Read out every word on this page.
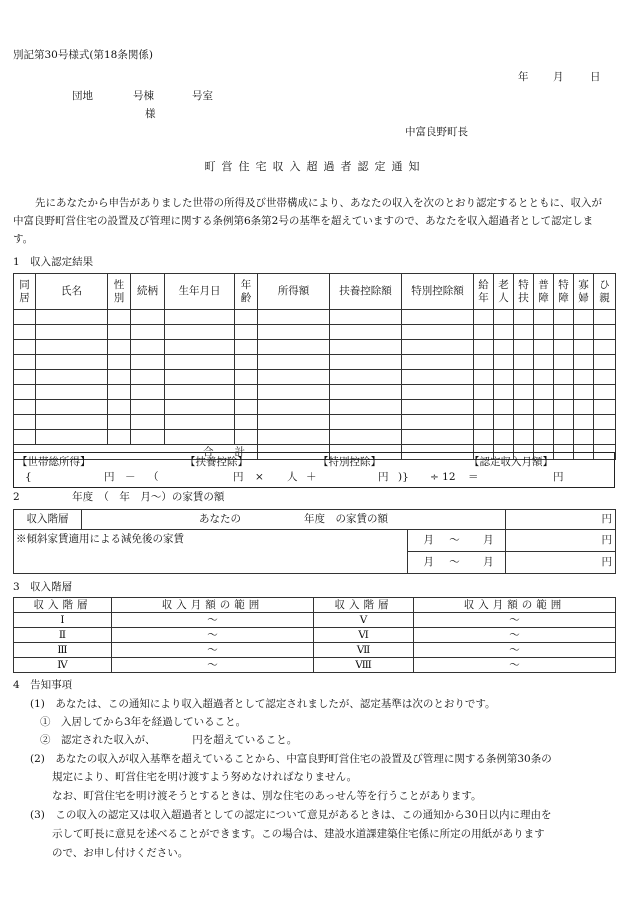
別記第30号様式(第18条関係)
年 月	日
団地	号棟	号室
様
中富良野町長
町営住宅収入超過者認定通知

先にあなたから申告がありました世帯の所得及び世帯構成により、あなたの収入を次のとおり認定するとともに、収入が中富良野町営住宅の設置及び管理に関する条例第6条第2号の基準を超えていますので、あなたを収入超過者として認定します。

1　収入認定結果
同居	氏名	性別	続柄	生年月日	年齢	所得額	扶養控除額	特別控除額	給年	老人	特扶	普障	特障	寡婦	ひ親

合　　計															
【世帯総所得】	【扶養控除】	【特別控除】	【認定収入月額】
{	円 － （	円 × 人 ＋	円 )} ÷ 12 ＝	円
2　　　　　年度　（　年　月～）の家賃の額
収入階層	あなたの　　　　　　年度　の家賃の額		円
※傾斜家賃適用による減免後の家賃		月 ～ 月	円
		月 ～ 月	円
3　収入階層
収入階層	収入月額の範囲	収入階層	収入月額の範囲
Ⅰ	～	Ⅴ	～
Ⅱ	～	Ⅵ	～
Ⅲ	～	Ⅶ	～
Ⅳ	～	Ⅷ	～
4　告知事項
(1)　あなたは、この通知により収入超過者として認定されましたが、認定基準は次のとおりです。
①　入居してから3年を経過していること。
②　認定された収入が、　　　　円を超えていること。
(2)　あなたの収入が収入基準を超えていることから、中富良野町営住宅の設置及び管理に関する条例第30条の
規定により、町営住宅を明け渡すよう努めなければなりません。
なお、町営住宅を明け渡そうとするときは、別な住宅のあっせん等を行うことがあります。
(3)　この収入の認定又は収入超過者としての認定について意見があるときは、この通知から30日以内に理由を
示して町長に意見を述べることができます。この場合は、建設水道課建築住宅係に所定の用紙があります
ので、お申し付けください。
